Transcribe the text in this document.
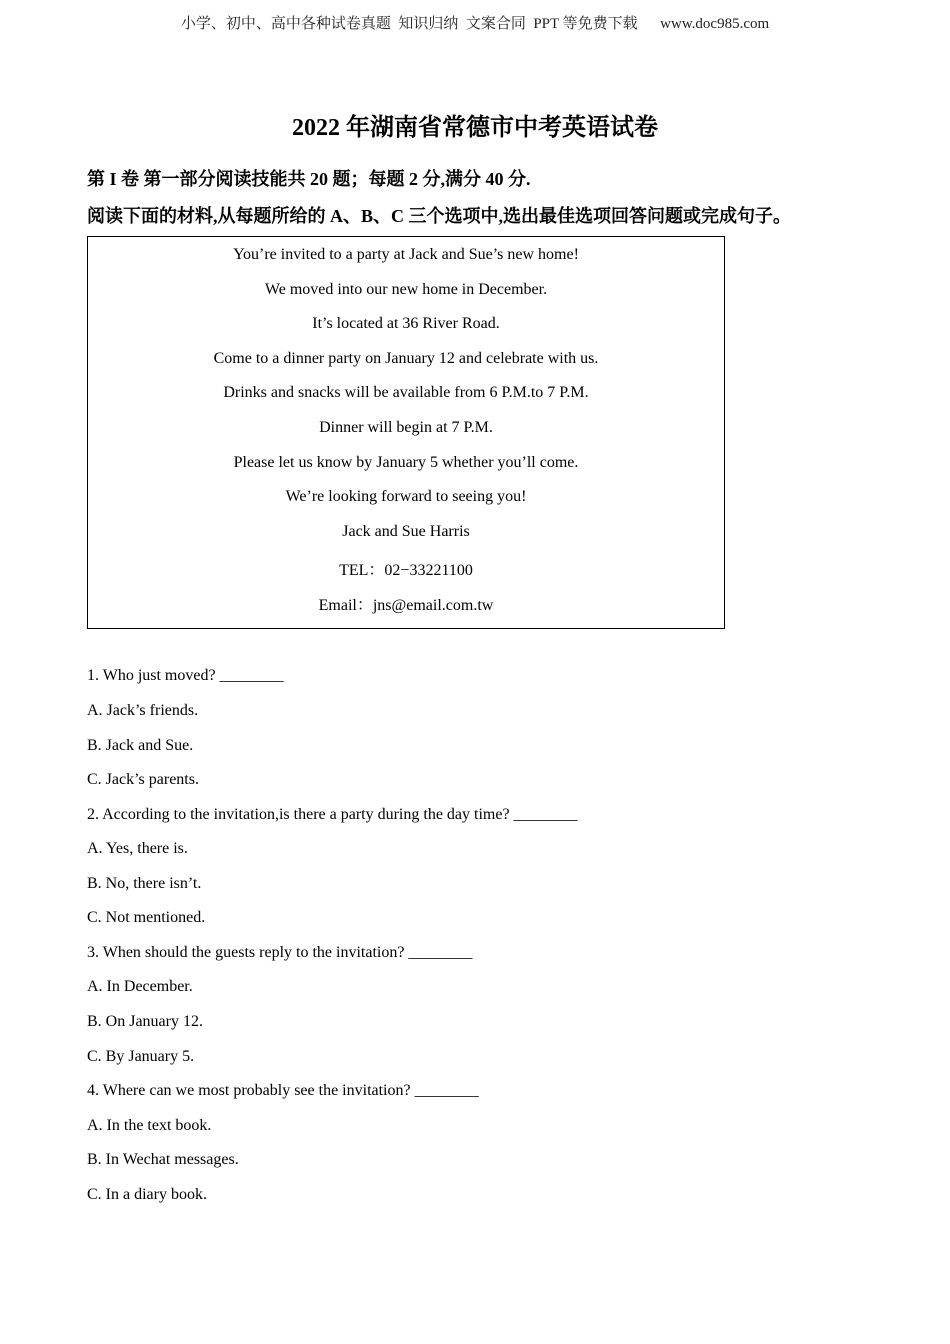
小学、初中、高中各种试卷真题  知识归纳  文案合同  PPT 等免费下载      www.doc985.com
2022 年湖南省常德市中考英语试卷
第 I 卷 第一部分阅读技能共 20 题；每题 2 分,满分 40 分.
阅读下面的材料,从每题所给的 A、B、C 三个选项中,选出最佳选项回答问题或完成句子。
You’re invited to a party at Jack and Sue’s new home!
We moved into our new home in December.
It’s located at 36 River Road.
Come to a dinner party on January 12 and celebrate with us.
Drinks and snacks will be available from 6 P.M.to 7 P.M.
Dinner will begin at 7 P.M.
Please let us know by January 5 whether you’ll come.
We’re looking forward to seeing you!
Jack and Sue Harris
TEL：02−33221100
Email：jns@email.com.tw
1. Who just moved? ________
A. Jack’s friends.
B. Jack and Sue.
C. Jack’s parents.
2. According to the invitation,is there a party during the day time? ________
A. Yes, there is.
B. No, there isn’t.
C. Not mentioned.
3. When should the guests reply to the invitation? ________
A. In December.
B. On January 12.
C. By January 5.
4. Where can we most probably see the invitation? ________
A. In the text book.
B. In Wechat messages.
C. In a diary book.
